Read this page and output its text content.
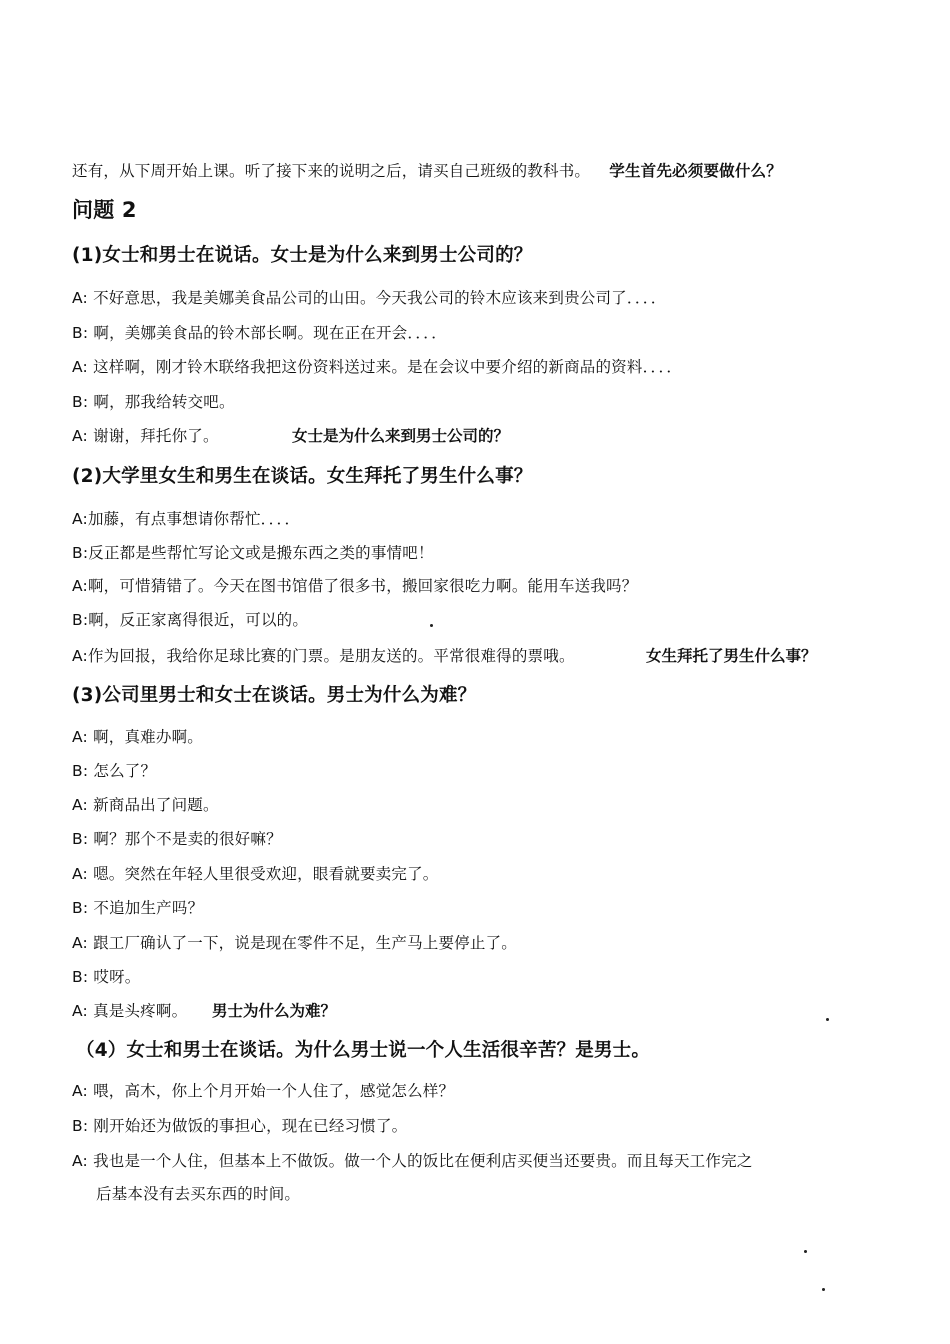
还有，从下周开始上课。听了接下来的说明之后，请买自己班级的教科书。 学生首先必须要做什么？
问题 2
(1)女士和男士在说话。女士是为什么来到男士公司的？
A: 不好意思，我是美娜美食品公司的山田。今天我公司的铃木应该来到贵公司了．．．．
B: 啊，美娜美食品的铃木部长啊。现在正在开会．．．．
A: 这样啊，刚才铃木联络我把这份资料送过来。是在会议中要介绍的新商品的资料．．．．
B: 啊，那我给转交吧。
A: 谢谢，拜托你了。	女士是为什么来到男士公司的？
(2)大学里女生和男生在谈话。女生拜托了男生什么事？
A:加藤，有点事想请你帮忙．．．．
B:反正都是些帮忙写论文或是搬东西之类的事情吧！
A:啊，可惜猜错了。今天在图书馆借了很多书，搬回家很吃力啊。能用车送我吗？
B:啊，反正家离得很近，可以的。
A:作为回报，我给你足球比赛的门票。是朋友送的。平常很难得的票哦。	女生拜托了男生什么事？
(3)公司里男士和女士在谈话。男士为什么为难？
A: 啊，真难办啊。
B: 怎么了？
A: 新商品出了问题。
B: 啊？那个不是卖的很好嘛？
A: 嗯。突然在年轻人里很受欢迎，眼看就要卖完了。
B: 不追加生产吗？
A: 跟工厂确认了一下，说是现在零件不足，生产马上要停止了。
B: 哎呀。
A: 真是头疼啊。 男士为什么为难？
（4）女士和男士在谈话。为什么男士说一个人生活很辛苦？是男士。
A: 喂，高木，你上个月开始一个人住了，感觉怎么样？
B: 刚开始还为做饭的事担心，现在已经习惯了。
A: 我也是一个人住，但基本上不做饭。做一个人的饭比在便利店买便当还要贵。而且每天工作完之
后基本没有去买东西的时间。
